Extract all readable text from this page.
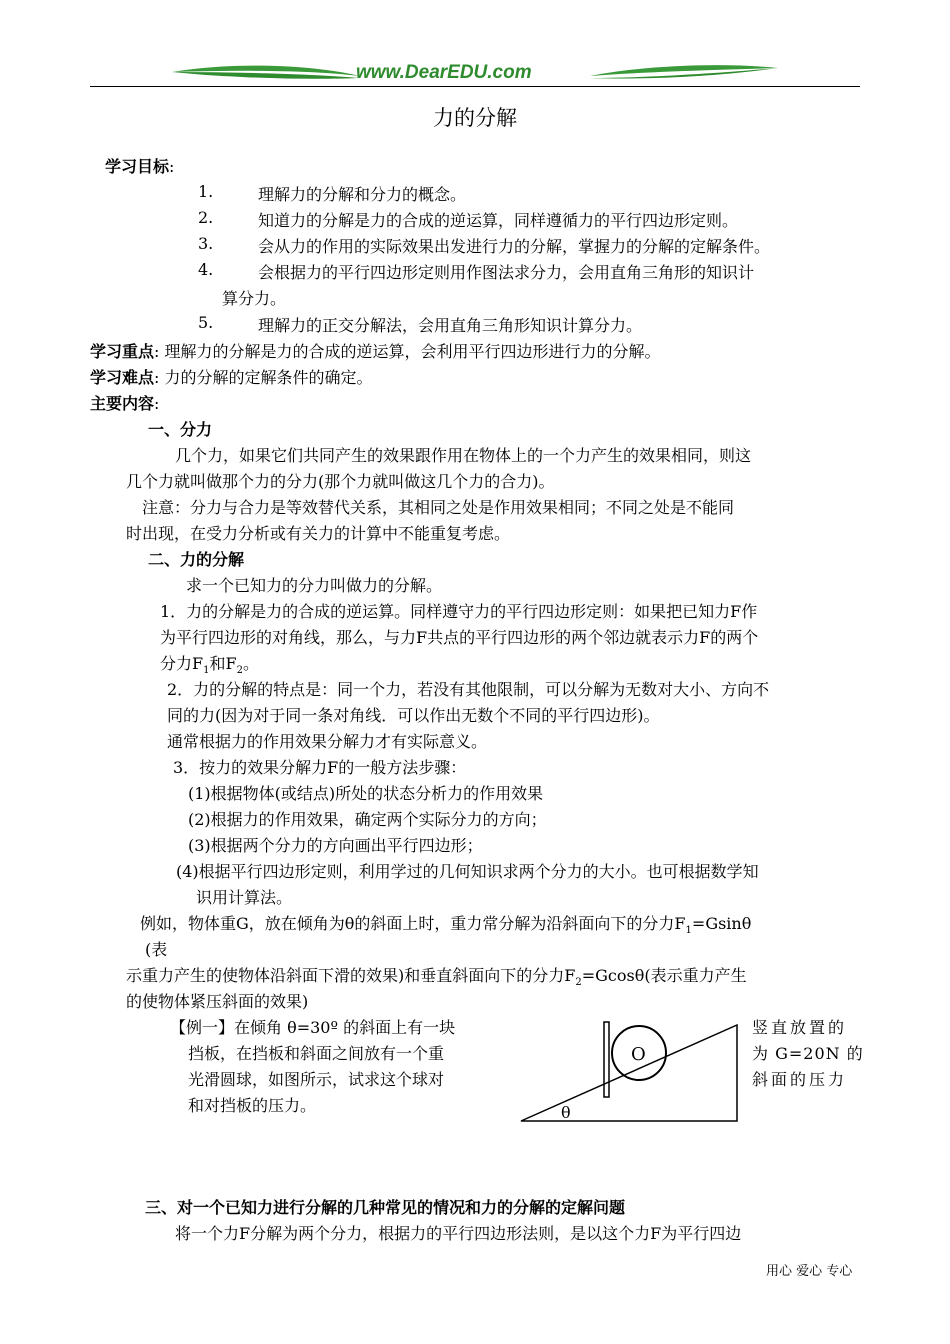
www.DearEDU.com
力的分解
学习目标:
1.	理解力的分解和分力的概念。
2.	知道力的分解是力的合成的逆运算，同样遵循力的平行四边形定则。
3.	会从力的作用的实际效果出发进行力的分解，掌握力的分解的定解条件。
4.	会根据力的平行四边形定则用作图法求分力，会用直角三角形的知识计
算分力。
5.	理解力的正交分解法，会用直角三角形知识计算分力。
学习重点: 理解力的分解是力的合成的逆运算，会利用平行四边形进行力的分解。
学习难点: 力的分解的定解条件的确定。
主要内容:
一、分力
几个力，如果它们共同产生的效果跟作用在物体上的一个力产生的效果相同，则这
几个力就叫做那个力的分力(那个力就叫做这几个力的合力)。
注意：分力与合力是等效替代关系，其相同之处是作用效果相同；不同之处是不能同
时出现，在受力分析或有关力的计算中不能重复考虑。
二、力的分解
求一个已知力的分力叫做力的分解。
1．力的分解是力的合成的逆运算。同样遵守力的平行四边形定则：如果把已知力F作
为平行四边形的对角线，那么，与力F共点的平行四边形的两个邻边就表示力F的两个
分力$F_1$和$F_2$。
2．力的分解的特点是：同一个力，若没有其他限制，可以分解为无数对大小、方向不
同的力(因为对于同一条对角线．可以作出无数个不同的平行四边形)。
通常根据力的作用效果分解力才有实际意义。
3．按力的效果分解力F的一般方法步骤：
(1)根据物体(或结点)所处的状态分析力的作用效果
(2)根据力的作用效果，确定两个实际分力的方向；
(3)根据两个分力的方向画出平行四边形；
(4)根据平行四边形定则，利用学过的几何知识求两个分力的大小。也可根据数学知
识用计算法。
例如，物体重G，放在倾角为θ的斜面上时，重力常分解为沿斜面向下的分力$F_1=Gsin\theta$
(表
示重力产生的使物体沿斜面下滑的效果)和垂直斜面向下的分力$F_2=Gcos\theta$(表示重力产生
的使物体紧压斜面的效果)
【例一】在倾角 θ=30º 的斜面上有一块
挡板，在挡板和斜面之间放有一个重
光滑圆球，如图所示，试求这个球对
和对挡板的压力。
竖直放置的
为 G=20N 的
斜面的压力
O
θ
三、对一个已知力进行分解的几种常见的情况和力的分解的定解问题
将一个力F分解为两个分力，根据力的平行四边形法则，是以这个力F为平行四边
用心 爱心 专心
